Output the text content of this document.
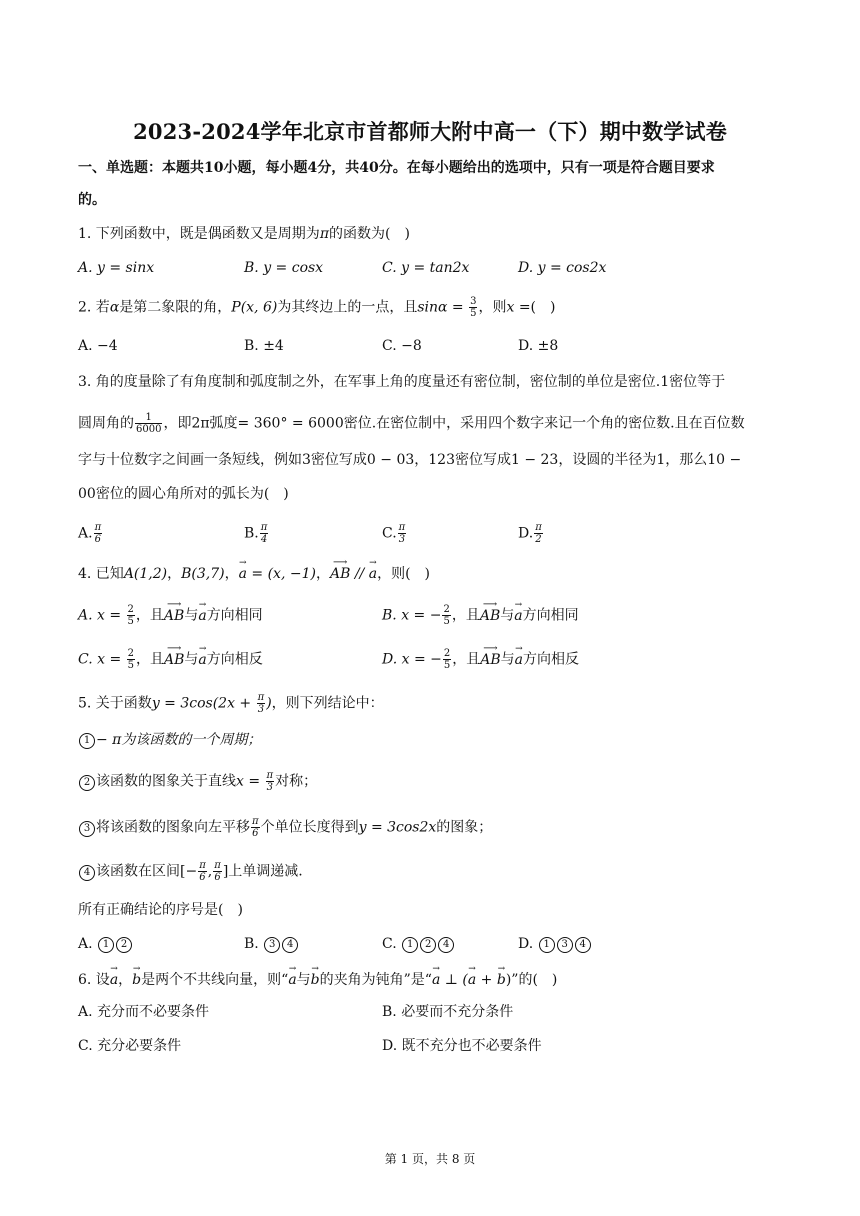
2023-2024学年北京市首都师大附中高一（下）期中数学试卷
一、单选题：本题共10小题，每小题4分，共40分。在每小题给出的选项中，只有一项是符合题目要求
的。
1. 下列函数中，既是偶函数又是周期为π的函数为(　)
A. y = sinx	B. y = cosx	C. y = tan2x	D. y = cos2x
2. 若α是第二象限的角，P(x, 6)为其终边上的一点，且$\sin\alpha = \frac{3}{5}$ ，则x =(　)
A. −4	B. ±4	C. −8	D. ±8
3. 角的度量除了有角度制和弧度制之外，在军事上角的度量还有密位制，密位制的单位是密位.1密位等于
圆周角的 $\frac{1}{6000}$ ，即2π弧度= 360° = 6000密位.在密位制中，采用四个数字来记一个角的密位数.且在百位数
字与十位数字之间画一条短线，例如3密位写成0 − 03，123密位写成1 − 23，设圆的半径为1，那么10 −
00密位的圆心角所对的弧长为(　)
A. $\frac{\pi}{6}$	B. $\frac{\pi}{4}$	C. $\frac{\pi}{3}$	D. $\frac{\pi}{2}$
4. 已知A(1,2)，B(3,7)，→ a = (x, −1)，⟶ AB // → a，则(　)
A. $x = \frac{2}{5}$ ，且⟶ AB与→ a方向相同	B. x = − $\frac{2}{5}$ ，且⟶ AB与→ a方向相同
C. $x = \frac{2}{5}$ ，且⟶ AB与→ a方向相反	D. x = − $\frac{2}{5}$ ，且⟶ AB与→ a方向相反
5. 关于函数$y = 3\cos(2x + \frac{\pi}{3}$ )，则下列结论中：
1 − π为该函数的一个周期；
2 该函数的图象关于直线$x = \frac{\pi}{3}$ 对称；
3 将该函数的图象向左平移 $\frac{\pi}{6}$ 个单位长度得到y = 3cos2x的图象；
4 该函数在区间[− $\frac{\pi}{6}$ , $\frac{\pi}{6}$ ]上单调递减.
所有正确结论的序号是(　)
A. 1 2	B. 3 4	C. 1 2 4	D. 1 3 4
6. 设→ a，→ b是两个不共线向量，则“→ a与→ b的夹角为钝角”是“→ a ⊥ (→ a + → b)”的(　)
A. 充分而不必要条件	B. 必要而不充分条件
C. 充分必要条件	D. 既不充分也不必要条件
第 1 页，共 8 页
